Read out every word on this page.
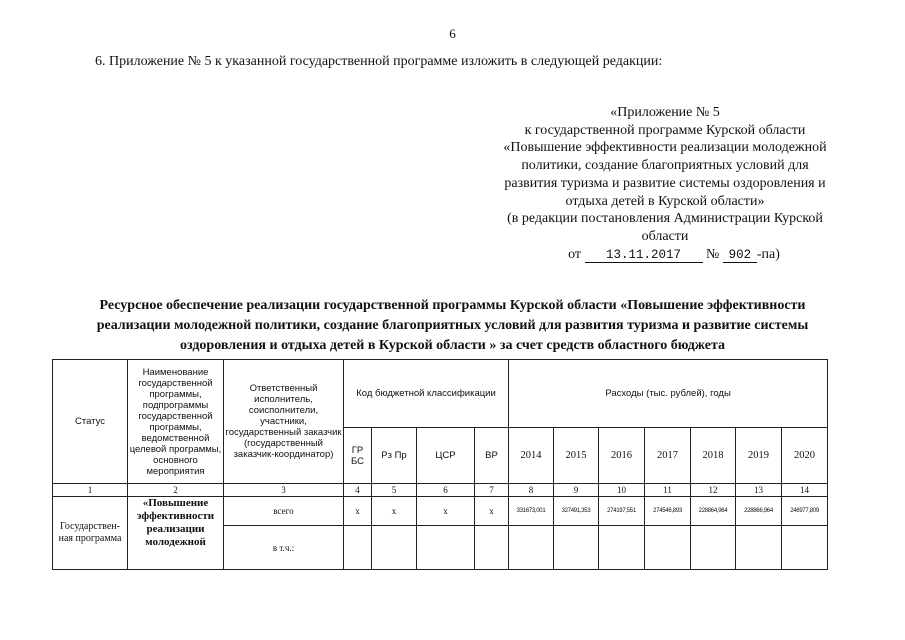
6
6. Приложение № 5 к указанной государственной программе изложить в следующей редакции:
«Приложение № 5
к государственной программе Курской области
«Повышение эффективности реализации молодежной
политики, создание благоприятных условий для
развития туризма и развитие системы оздоровления и
отдыха детей в Курской области»
(в редакции постановления Администрации Курской
области
от 13.11.2017 № 902 -па)
Ресурсное обеспечение реализации государственной программы Курской области «Повышение эффективности
реализации молодежной политики, создание благоприятных условий для развития туризма и развитие системы
оздоровления и отдыха детей в Курской области » за счет средств областного бюджета
Статус	Наименование государственной программы, подпрограммы государственной программы, ведомственной целевой программы, основного мероприятия	Ответственный исполнитель, соисполнители, участники, государственный заказчик (государственный заказчик-координатор)	Код бюджетной классификации				Расходы (тыс. рублей), годы						
			ГР БС	Рз Пр	ЦСР	ВР	2014	2015	2016	2017	2018	2019	2020
1	2	3	4	5	6	7	8	9	10	11	12	13	14
Государствен-ная программа	«Повышение эффективности реализации молодежной	всего	х	х	х	х	331673,001	327491,353	274197,551	274546,893	228864,964	228866,964	246977,809
		в т.ч.:											
